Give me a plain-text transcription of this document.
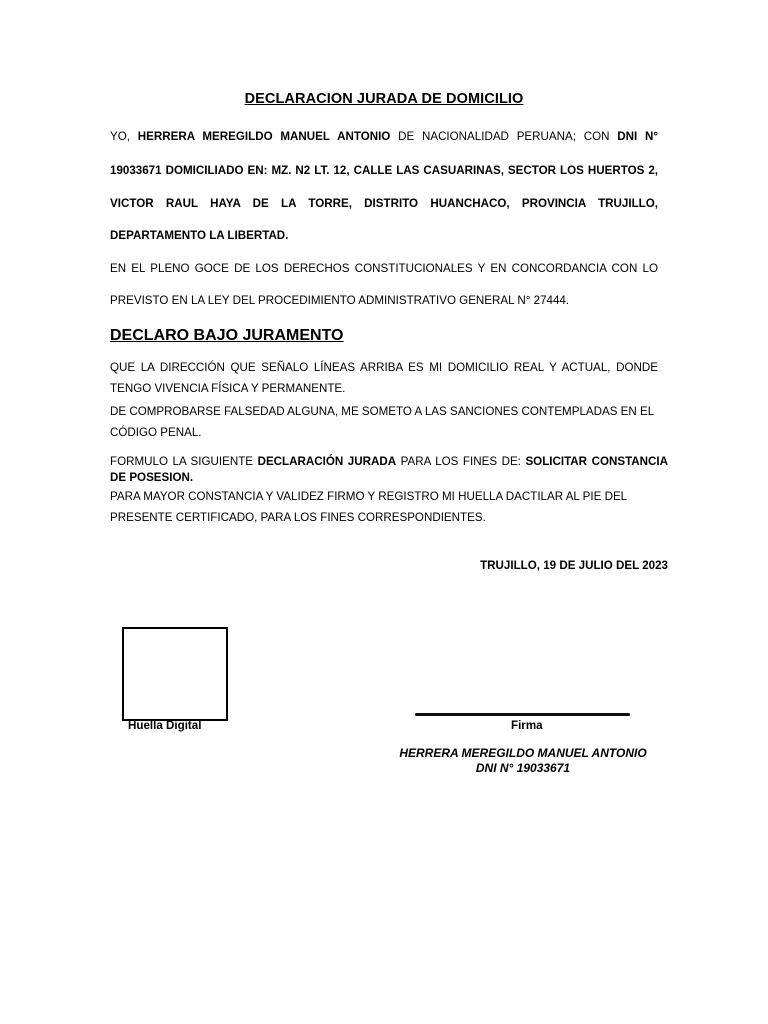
DECLARACION JURADA DE DOMICILIO
YO, HERRERA MEREGILDO MANUEL ANTONIO DE NACIONALIDAD PERUANA; CON DNI N°
19033671 DOMICILIADO EN: MZ. N2 LT. 12, CALLE LAS CASUARINAS, SECTOR LOS HUERTOS 2,
VICTOR RAUL HAYA DE LA TORRE, DISTRITO HUANCHACO, PROVINCIA TRUJILLO,
DEPARTAMENTO LA LIBERTAD.
EN EL PLENO GOCE DE LOS DERECHOS CONSTITUCIONALES Y EN CONCORDANCIA CON LO
PREVISTO EN LA LEY DEL PROCEDIMIENTO ADMINISTRATIVO GENERAL N° 27444.
DECLARO BAJO JURAMENTO
QUE LA DIRECCIÓN QUE SEÑALO LÍNEAS ARRIBA ES MI DOMICILIO REAL Y ACTUAL, DONDE
TENGO VIVENCIA FÍSICA Y PERMANENTE.
DE COMPROBARSE FALSEDAD ALGUNA, ME SOMETO A LAS SANCIONES CONTEMPLADAS EN EL
CÓDIGO PENAL.
FORMULO LA SIGUIENTE DECLARACIÓN JURADA PARA LOS FINES DE: SOLICITAR CONSTANCIA
DE POSESION.
PARA MAYOR CONSTANCIA Y VALIDEZ FIRMO Y REGISTRO MI HUELLA DACTILAR AL PIE DEL
PRESENTE CERTIFICADO, PARA LOS FINES CORRESPONDIENTES.
TRUJILLO, 19 DE JULIO DEL 2023
Huella Digital	Firma
HERRERA MEREGILDO MANUEL ANTONIO
DNI N° 19033671
